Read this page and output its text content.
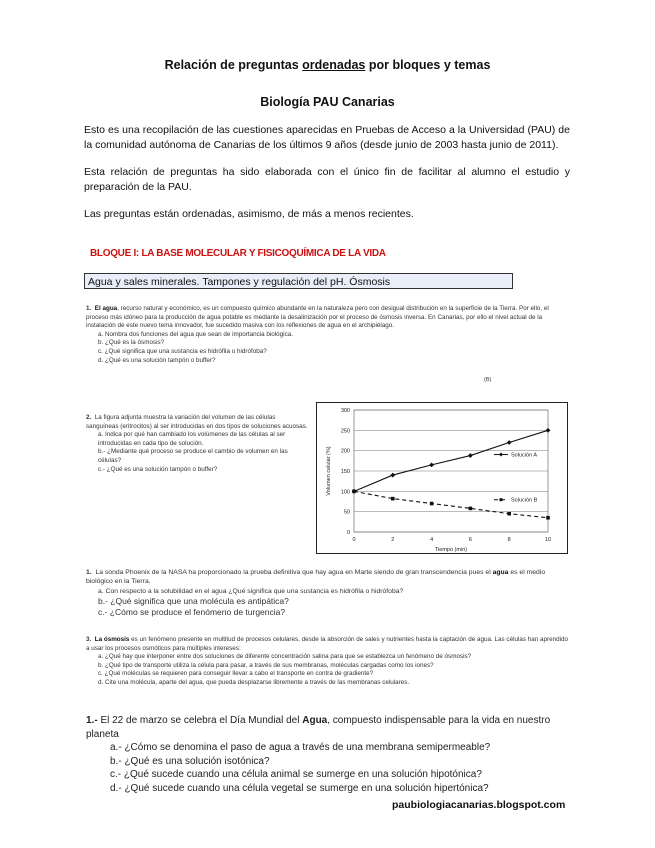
Relación de preguntas ordenadas por bloques y temas
Biología PAU Canarias
Esto es una recopilación de las cuestiones aparecidas en Pruebas de Acceso a la Universidad (PAU) de la comunidad autónoma de Canarias de los últimos 9 años (desde junio de 2003 hasta junio de 2011).
Esta relación de preguntas ha sido elaborada con el único fin de facilitar al alumno el estudio y preparación de la PAU.
Las preguntas están ordenadas, asimismo, de más a menos recientes.
BLOQUE I: LA BASE MOLECULAR Y FISICOQUÍMICA DE LA VIDA
Agua y sales minerales. Tampones y regulación del pH. Ósmosis
1. El agua, recurso natural y económico, es un compuesto químico abundante en la naturaleza pero con desigual distribución en la superficie de la Tierra. Por ello, el proceso más idóneo para la producción de agua potable es mediante la desalinización por el proceso de ósmosis inversa. En Canarias, por ello el nivel actual de la instalación de este nuevo tema innovador, fue sucedido masiva con los reflexiones de agua en el archipiélago.
a. Nombra dos funciones del agua que sean de importancia biológica.
b. ¿Qué es la ósmosis?
c. ¿Qué significa que una sustancia es hidrófila o hidrófoba?
d. ¿Qué es una solución tampón o buffer?
(B)
2. La figura adjunta muestra la variación del volumen de las células sanguíneas (eritrocitos) al ser introducidas en dos tipos de soluciones acuosas.
a. Indica por qué han cambiado los volúmenes de las células al ser introducidas en cada tipo de solución.
b.- ¿Mediante qué proceso se produce el cambio de volumen en las células?
c.- ¿Qué es una solución tampón o buffer?
0
50
100
150
200
250
300
0	2	4	6	8	10
Tiempo (min)
Volumen celular (%)	Solución A
Solución B
1. La sonda Phoenix de la NASA ha proporcionado la prueba definitiva que hay agua en Marte siendo de gran transcendencia pues el agua es el medio biológico en la Tierra.
a. Con respecto a la solubilidad en el agua ¿Qué significa que una sustancia es hidrófila o hidrófoba?
b.- ¿Qué significa que una molécula es antipática?
c.- ¿Cómo se produce el fenómeno de turgencia?
3. La ósmosis es un fenómeno presente en multitud de procesos celulares, desde la absorción de sales y nutrientes hasta la captación de agua. Las células han aprendido a usar los procesos osmóticos para múltiples intereses:
a. ¿Qué hay que interponer entre dos soluciones de diferente concentración salina para que se establezca un fenómeno de ósmosis?
b. ¿Qué tipo de transporte utiliza la célula para pasar, a través de sus membranas, moléculas cargadas como los iones?
c. ¿Qué moléculas se requieren para conseguir llevar a cabo el transporte en contra de gradiente?
d. Cite una molécula, aparte del agua, que pueda desplazarse libremente a través de las membranas celulares.
1.- El 22 de marzo se celebra el Día Mundial del Agua, compuesto indispensable para la vida en nuestro planeta
a.- ¿Cómo se denomina el paso de agua a través de una membrana semipermeable?
b.- ¿Qué es una solución isotónica?
c.- ¿Qué sucede cuando una célula animal se sumerge en una solución hipotónica?
d.- ¿Qué sucede cuando una célula vegetal se sumerge en una solución hipertónica?
paubiologiacanarias.blogspot.com
